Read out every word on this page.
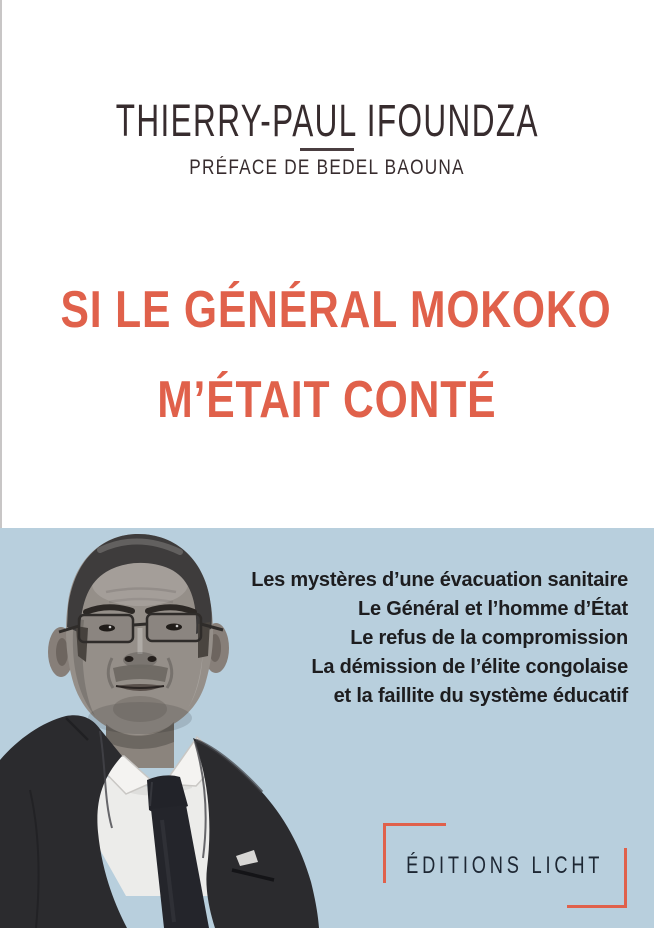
THIERRY-PAUL IFOUNDZA
PRÉFACE DE BEDEL BAOUNA
SI LE GÉNÉRAL MOKOKO
M’ÉTAIT CONTÉ
Les mystères d’une évacuation sanitaire
Le Général et l’homme d’État
Le refus de la compromission
La démission de l’élite congolaise
et la faillite du système éducatif
ÉDITIONS LICHT
